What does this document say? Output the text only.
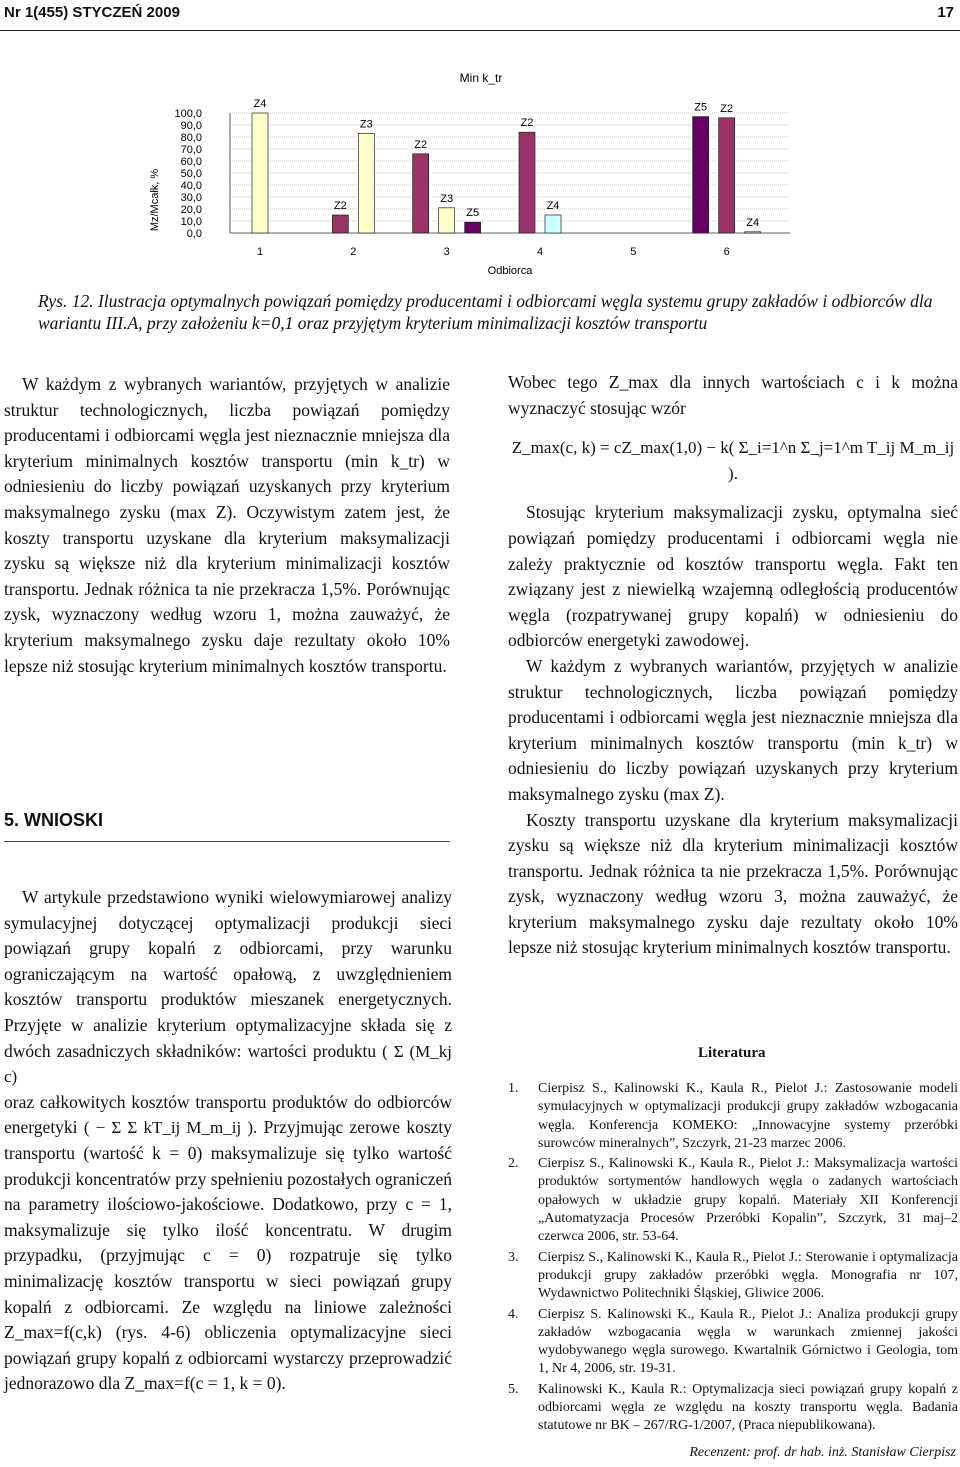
Nr 1(455) STYCZEŃ 2009	17
0,0
10,0
20,0
30,0
40,0
50,0
60,0
70,0
80,0
90,0
100,0
Z4
Z2
Z3
Z2
Z3
Z5
Z2
Z4
Z5 Z2
Z4
1	2	3	4	5	6
Min k_tr
Odbiorca
Mz/Mcałk, %
Rys. 12. Ilustracja optymalnych powiązań pomiędzy producentami i odbiorcami węgla systemu grupy zakładów i odbiorców dla wariantu III.A, przy założeniu k=0,1 oraz przyjętym kryterium minimalizacji kosztów transportu

W każdym z wybranych wariantów, przyjętych w analizie struktur technologicznych, liczba powiązań pomiędzy producentami i odbiorcami węgla jest nieznacznie mniejsza dla kryterium minimalnych kosztów transportu (min k_tr) w odniesieniu do liczby powiązań uzyskanych przy kryterium maksymalnego zysku (max Z). Oczywistym zatem jest, że koszty transportu uzyskane dla kryterium maksymalizacji zysku są większe niż dla kryterium minimalizacji kosztów transportu. Jednak różnica ta nie przekracza 1,5%. Porównując zysk, wyznaczony według wzoru 1, można zauważyć, że kryterium maksymalnego zysku daje rezultaty około 10% lepsze niż stosując kryterium minimalnych kosztów transportu.

5. WNIOSKI

W artykule przedstawiono wyniki wielowymiarowej analizy symulacyjnej dotyczącej optymalizacji produkcji sieci powiązań grupy kopalń z odbiorcami, przy warunku ograniczającym na wartość opałową, z uwzględnieniem kosztów transportu produktów mieszanek energetycznych. Przyjęte w analizie kryterium optymalizacyjne składa się z dwóch zasadniczych składników: wartości produktu ( Σ (M_kj c)

oraz całkowitych kosztów transportu produktów do odbiorców energetyki ( − Σ Σ kT_ij M_m_ij ). Przyjmując zerowe koszty transportu (wartość k = 0) maksymalizuje się tylko wartość produkcji koncentratów przy spełnieniu pozostałych ograniczeń na parametry ilościowo-jakościowe. Dodatkowo, przy c = 1, maksymalizuje się tylko ilość koncentratu. W drugim przypadku, (przyjmując c = 0) rozpatruje się tylko minimalizację kosztów transportu w sieci powiązań grupy kopalń z odbiorcami. Ze względu na liniowe zależności Z_max=f(c,k) (rys. 4-6) obliczenia optymalizacyjne sieci powiązań grupy kopalń z odbiorcami wystarczy przeprowadzić jednorazowo dla Z_max=f(c = 1, k = 0).

Wobec tego Z_max dla innych wartościach c i k można wyznaczyć stosując wzór

Z_max(c, k) = cZ_max(1,0) − k( Σ_i=1^n Σ_j=1^m T_ij M_m_ij ).

Stosując kryterium maksymalizacji zysku, optymalna sieć powiązań pomiędzy producentami i odbiorcami węgla nie zależy praktycznie od kosztów transportu węgla. Fakt ten związany jest z niewielką wzajemną odległością producentów węgla (rozpatrywanej grupy kopalń) w odniesieniu do odbiorców energetyki zawodowej.

W każdym z wybranych wariantów, przyjętych w analizie struktur technologicznych, liczba powiązań pomiędzy producentami i odbiorcami węgla jest nieznacznie mniejsza dla kryterium minimalnych kosztów transportu (min k_tr) w odniesieniu do liczby powiązań uzyskanych przy kryterium maksymalnego zysku (max Z).

Koszty transportu uzyskane dla kryterium maksymalizacji zysku są większe niż dla kryterium minimalizacji kosztów transportu. Jednak różnica ta nie przekracza 1,5%. Porównując zysk, wyznaczony według wzoru 3, można zauważyć, że kryterium maksymalnego zysku daje rezultaty około 10% lepsze niż stosując kryterium minimalnych kosztów transportu.

Literatura
1.	Cierpisz S., Kalinowski K., Kaula R., Pielot J.: Zastosowanie modeli symulacyjnych w optymalizacji produkcji grupy zakładów wzbogacania węgla. Konferencja KOMEKO: „Innowacyjne systemy przeróbki surowców mineralnych”, Szczyrk, 21-23 marzec 2006.
2.	Cierpisz S., Kalinowski K., Kaula R., Pielot J.: Maksymalizacja wartości produktów sortymentów handlowych węgla o zadanych wartościach opałowych w układzie grupy kopalń. Materiały XII Konferencji „Automatyzacja Procesów Przeróbki Kopalin”, Szczyrk, 31 maj–2 czerwca 2006, str. 53-64.
3.	Cierpisz S., Kalinowski K., Kaula R., Pielot J.: Sterowanie i optymalizacja produkcji grupy zakładów przeróbki węgla. Monografia nr 107, Wydawnictwo Politechniki Śląskiej, Gliwice 2006.
4.	Cierpisz S. Kalinowski K., Kaula R., Pielot J.: Analiza produkcji grupy zakładów wzbogacania węgla w warunkach zmiennej jakości wydobywanego węgla surowego. Kwartalnik Górnictwo i Geologia, tom 1, Nr 4, 2006, str. 19-31.
5.	Kalinowski K., Kaula R.: Optymalizacja sieci powiązań grupy kopalń z odbiorcami węgla ze względu na koszty transportu węgla. Badania statutowe nr BK – 267/RG-1/2007, (Praca niepublikowana).
Recenzent: prof. dr hab. inż. Stanisław Cierpisz
